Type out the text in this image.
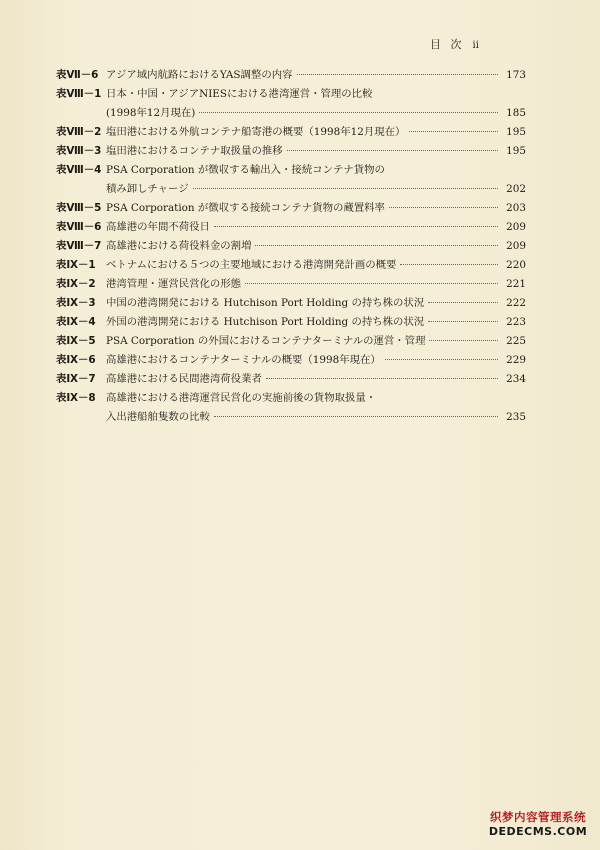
目 次 ii
表Ⅶ－6 アジア域内航路におけるYAS調整の内容	173
表Ⅷ－1 日本・中国・アジアNIESにおける港湾運営・管理の比較
(1998年12月現在)	185
表Ⅷ－2 塩田港における外航コンテナ船寄港の概要（1998年12月現在）	195
表Ⅷ－3 塩田港におけるコンテナ取扱量の推移	195
表Ⅷ－4 PSA Corporation が徴収する輸出入・接続コンテナ貨物の
積み卸しチャージ	202
表Ⅷ－5 PSA Corporation が徴収する接続コンテナ貨物の蔵置料率	203
表Ⅷ－6 高雄港の年間不荷役日	209
表Ⅷ－7 高雄港における荷役料金の割増	209
表Ⅸ－1 ベトナムにおける５つの主要地域における港湾開発計画の概要	220
表Ⅸ－2 港湾管理・運営民営化の形態	221
表Ⅸ－3 中国の港湾開発における Hutchison Port Holding の持ち株の状況	222
表Ⅸ－4 外国の港湾開発における Hutchison Port Holding の持ち株の状況	223
表Ⅸ－5 PSA Corporation の外国におけるコンテナターミナルの運営・管理	225
表Ⅸ－6 高雄港におけるコンテナターミナルの概要（1998年現在）	229
表Ⅸ－7 高雄港における民間港湾荷役業者	234
表Ⅸ－8 高雄港における港湾運営民営化の実施前後の貨物取扱量・
入出港船舶隻数の比較	235
织梦内容管理系统
DEDECMS.COM
